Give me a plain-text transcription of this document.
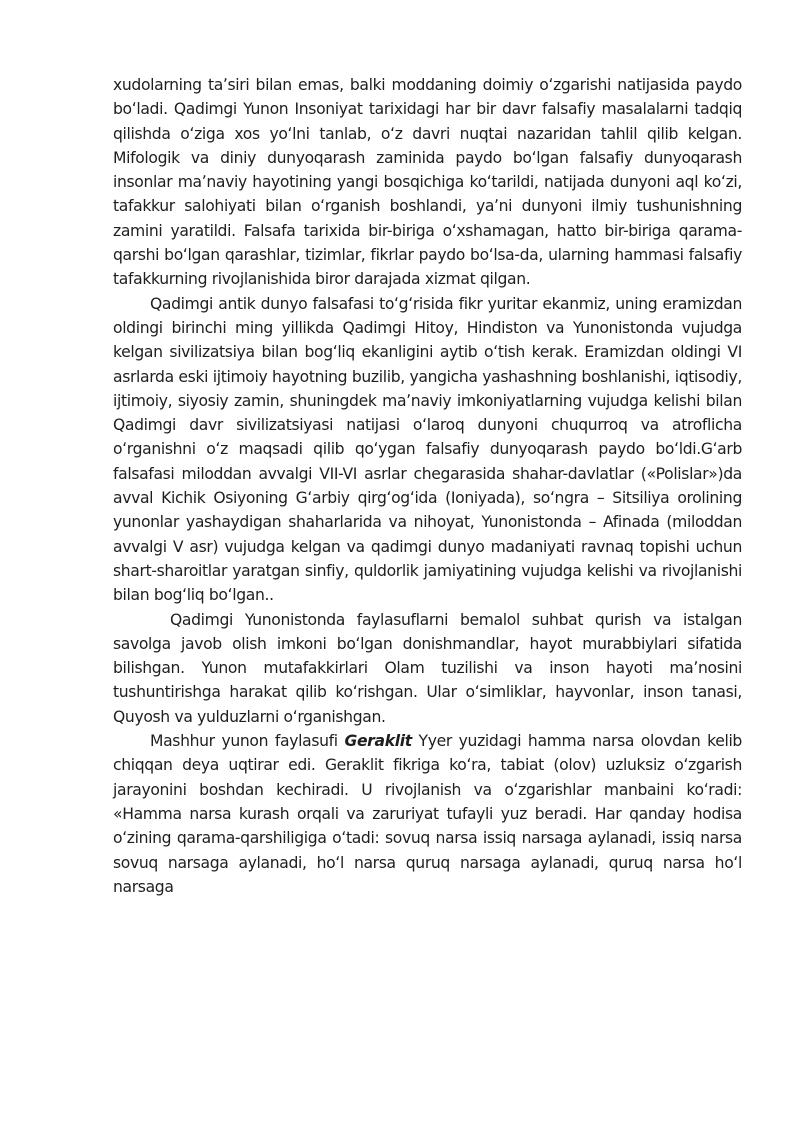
xudolarning taʼsiri bilan emas, balki moddaning doimiy oʻzgarishi natijasida paydo boʻladi. Qadimgi Yunon Insoniyat tarixidagi har bir davr falsafiy masalalarni tadqiq qilishda oʻziga xos yoʻlni tanlab, oʻz davri nuqtai nazaridan tahlil qilib kelgan. Mifologik va diniy dunyoqarash zaminida paydo boʻlgan falsafiy dunyoqarash insonlar maʼnaviy hayotining yangi bosqichiga koʻtarildi, natijada dunyoni aql koʻzi, tafakkur salohiyati bilan oʻrganish boshlandi, yaʼni dunyoni ilmiy tushunishning zamini yaratildi. Falsafa tarixida bir-biriga oʻxshamagan, hatto bir-biriga qarama-qarshi boʻlgan qarashlar, tizimlar, fikrlar paydo boʻlsa-da, ularning hammasi falsafiy tafakkurning rivojlanishida biror darajada xizmat qilgan.

Qadimgi antik dunyo falsafasi toʻgʻrisida fikr yuritar ekanmiz, uning eramizdan oldingi birinchi ming yillikda Qadimgi Hitoy, Hindiston va Yunonistonda vujudga kelgan sivilizatsiya bilan bogʻliq ekanligini aytib oʻtish kerak. Eramizdan oldingi VI asrlarda eski ijtimoiy hayotning buzilib, yangicha yashashning boshlanishi, iqtisodiy, ijtimoiy, siyosiy zamin, shuningdek maʼnaviy imkoniyatlarning vujudga kelishi bilan Qadimgi davr sivilizatsiyasi natijasi oʻlaroq dunyoni chuqurroq va atroflicha oʻrganishni oʻz maqsadi qilib qoʻygan falsafiy dunyoqarash paydo boʻldi.Gʻarb falsafasi miloddan avvalgi VII-VI asrlar chegarasida shahar-davlatlar («Polislar»)da avval Kichik Osiyoning Gʻarbiy qirgʻogʻida (Ioniyada), soʻngra – Sitsiliya orolining yunonlar yashaydigan shaharlarida va nihoyat, Yunonistonda – Afinada (miloddan avvalgi V asr) vujudga kelgan va qadimgi dunyo madaniyati ravnaq topishi uchun shart-sharoitlar yaratgan sinfiy, quldorlik jamiyatining vujudga kelishi va rivojlanishi bilan bogʻliq boʻlgan..

Qadimgi Yunonistonda faylasuflarni bemalol suhbat qurish va istalgan savolga javob olish imkoni boʻlgan donishmandlar, hayot murabbiylari sifatida bilishgan. Yunon mutafakkirlari Olam tuzilishi va inson hayoti maʼnosini tushuntirishga harakat qilib koʻrishgan. Ular oʻsimliklar, hayvonlar, inson tanasi, Quyosh va yulduzlarni oʻrganishgan.

Mashhur yunon faylasufi Geraklit Yyer yuzidagi hamma narsa olovdan kelib chiqqan deya uqtirar edi. Geraklit fikriga koʻra, tabiat (olov) uzluksiz oʻzgarish jarayonini boshdan kechiradi. U rivojlanish va oʻzgarishlar manbaini koʻradi: «Hamma narsa kurash orqali va zaruriyat tufayli yuz beradi. Har qanday hodisa oʻzining qarama-qarshiligiga oʻtadi: sovuq narsa issiq narsaga aylanadi, issiq narsa sovuq narsaga aylanadi, hoʻl narsa quruq narsaga aylanadi, quruq narsa hoʻl narsaga
